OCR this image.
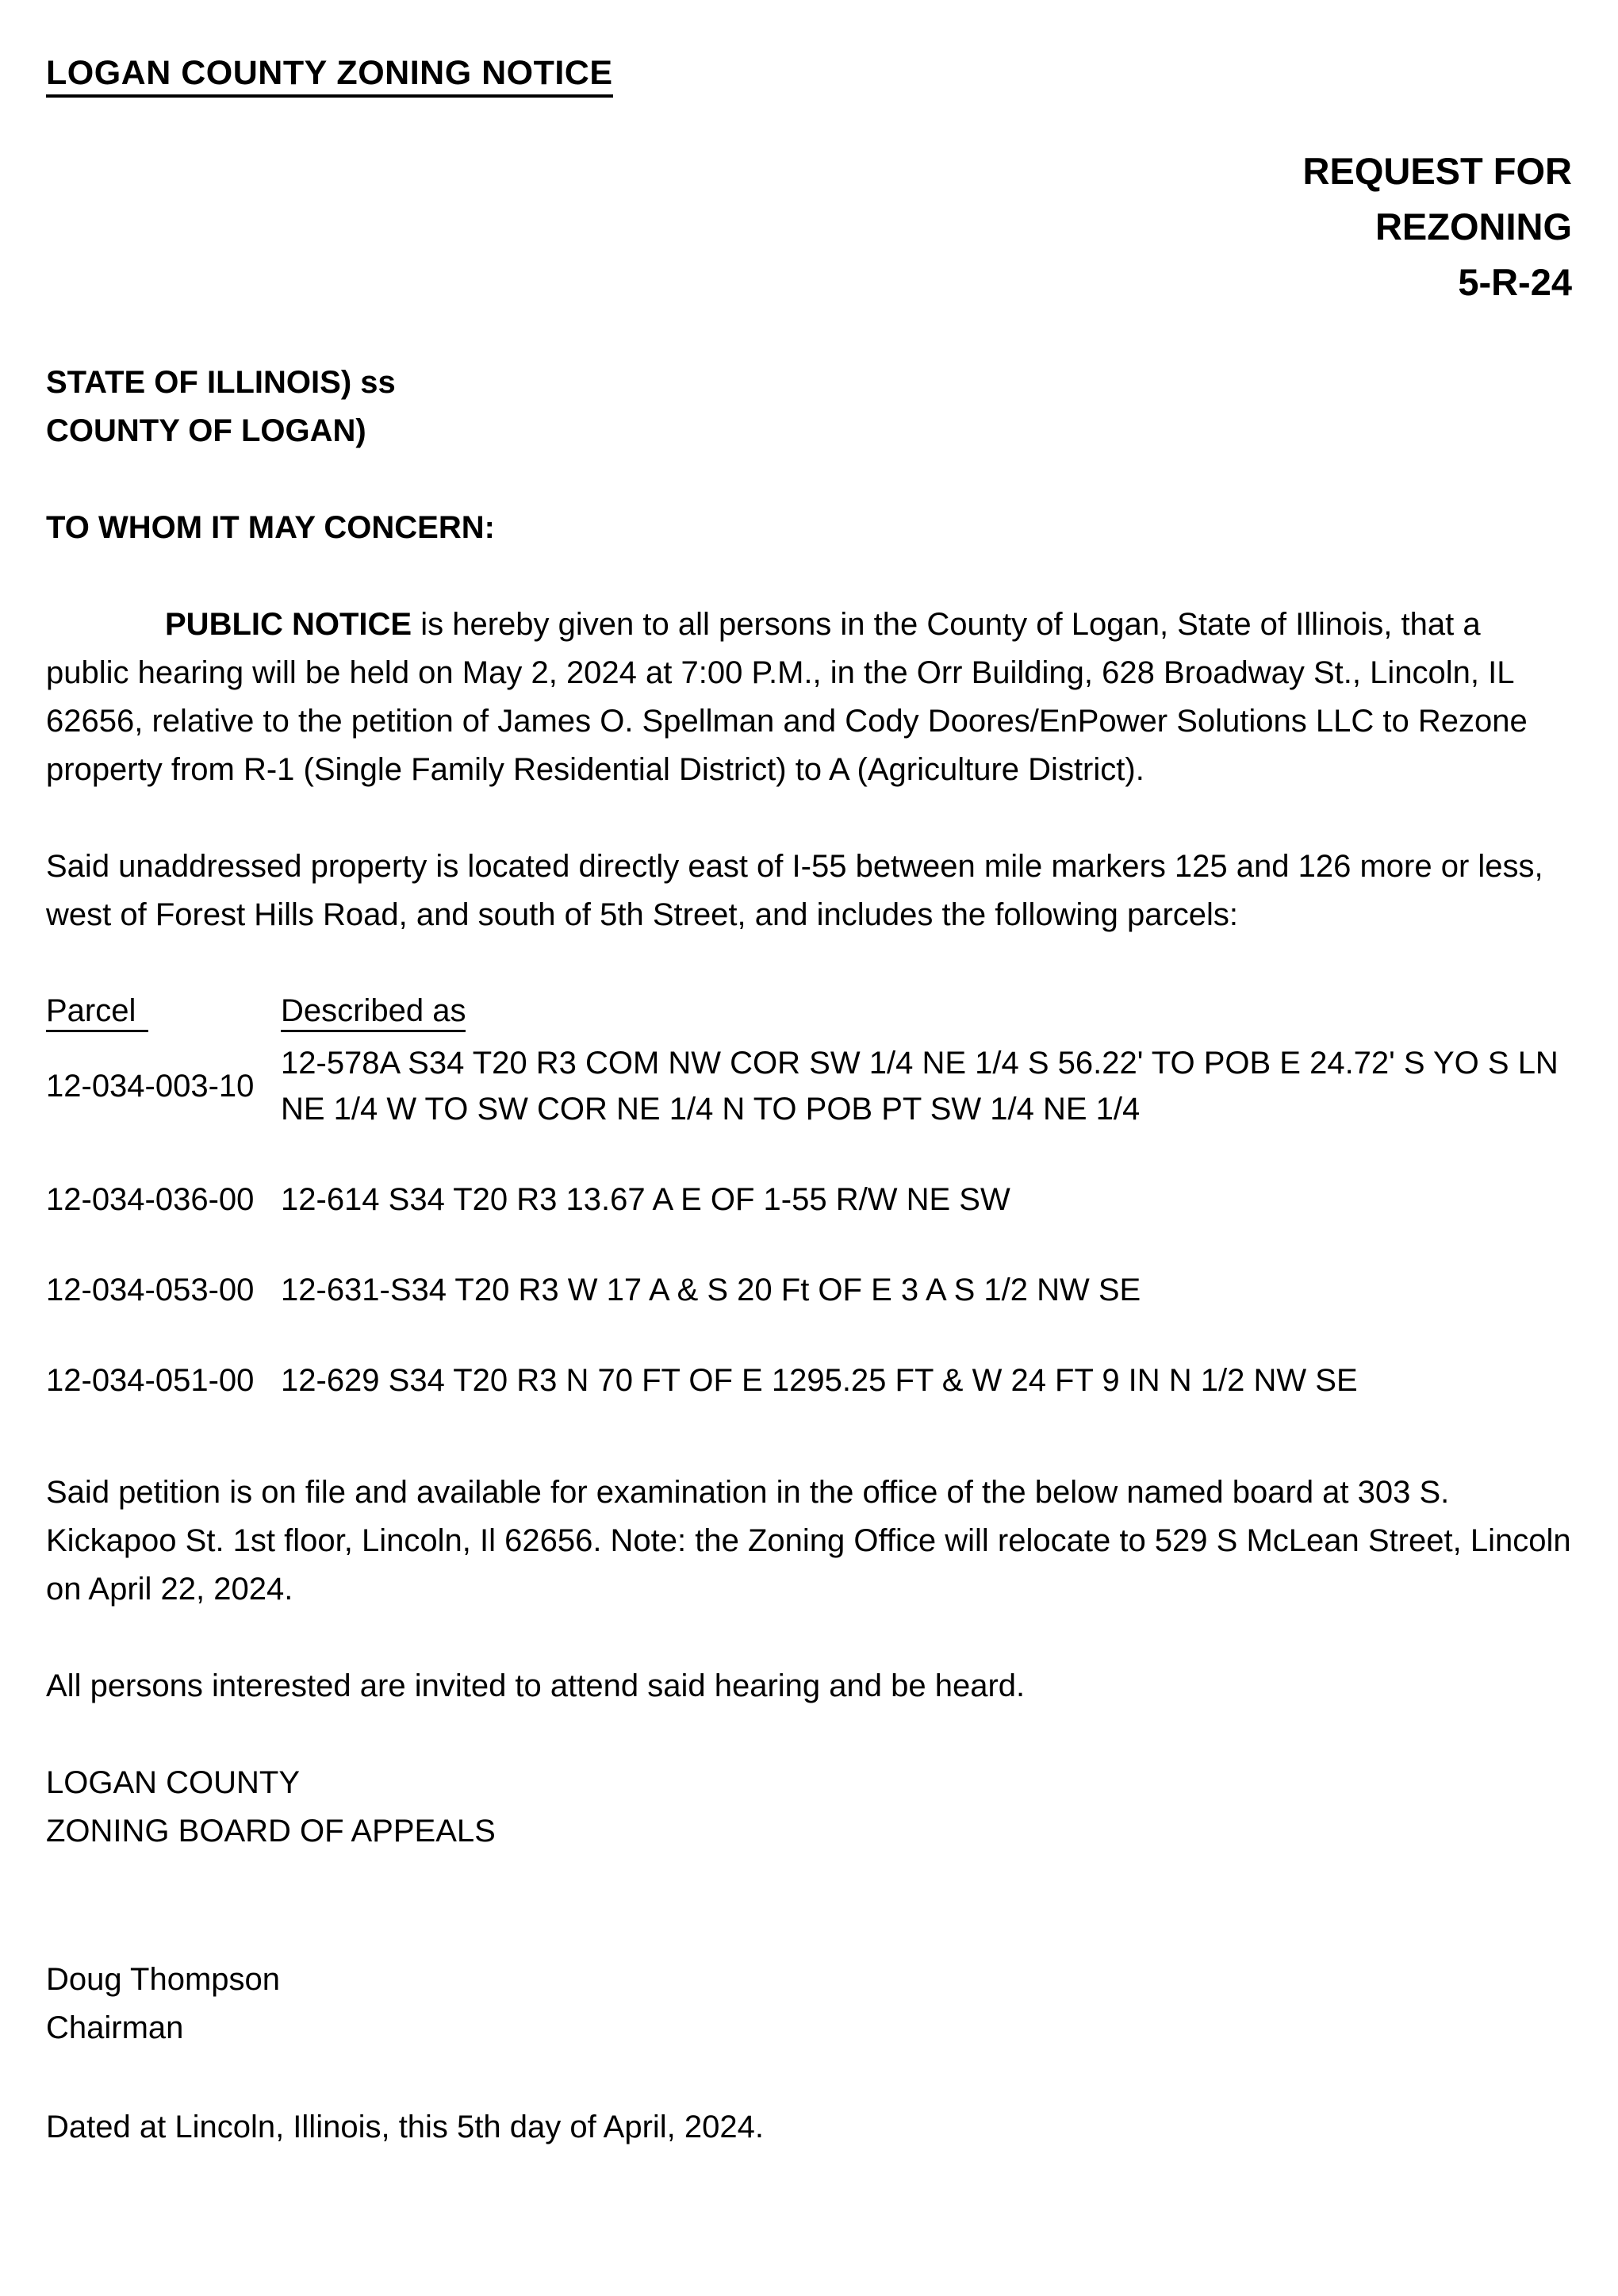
LOGAN COUNTY ZONING NOTICE
REQUEST FOR
REZONING
5-R-24
STATE OF ILLINOIS) ss
COUNTY OF LOGAN)
TO WHOM IT MAY CONCERN:

PUBLIC NOTICE is hereby given to all persons in the County of Logan, State of Illinois, that a public hearing will be held on May 2, 2024 at 7:00 P.M., in the Orr Building, 628 Broadway St., Lincoln, IL 62656, relative to the petition of James O. Spellman and Cody Doores/EnPower Solutions LLC to Rezone property from R-1 (Single Family Residential District) to A (Agriculture District).

Said unaddressed property is located directly east of I-55 between mile markers 125 and 126 more or less, west of Forest Hills Road, and south of 5th Street, and includes the following parcels:

Parcel	Described as
12-034-003-10
12-578A S34 T20 R3 COM NW COR SW 1/4 NE 1/4 S 56.22' TO POB E 24.72' S YO S LN NE 1/4 W TO SW COR NE 1/4 N TO POB PT SW 1/4 NE 1/4
12-034-036-00 12-614 S34 T20 R3 13.67 A E OF 1-55 R/W NE SW
12-034-053-00 12-631-S34 T20 R3 W 17 A & S 20 Ft OF E 3 A S 1/2 NW SE
12-034-051-00 12-629 S34 T20 R3 N 70 FT OF E 1295.25 FT & W 24 FT 9 IN N 1/2 NW SE

Said petition is on file and available for examination in the office of the below named board at 303 S. Kickapoo St. 1st floor, Lincoln, Il 62656. Note: the Zoning Office will relocate to 529 S McLean Street, Lincoln on April 22, 2024.

All persons interested are invited to attend said hearing and be heard.

LOGAN COUNTY
ZONING BOARD OF APPEALS
Doug Thompson
Chairman

Dated at Lincoln, Illinois, this 5th day of April, 2024.
